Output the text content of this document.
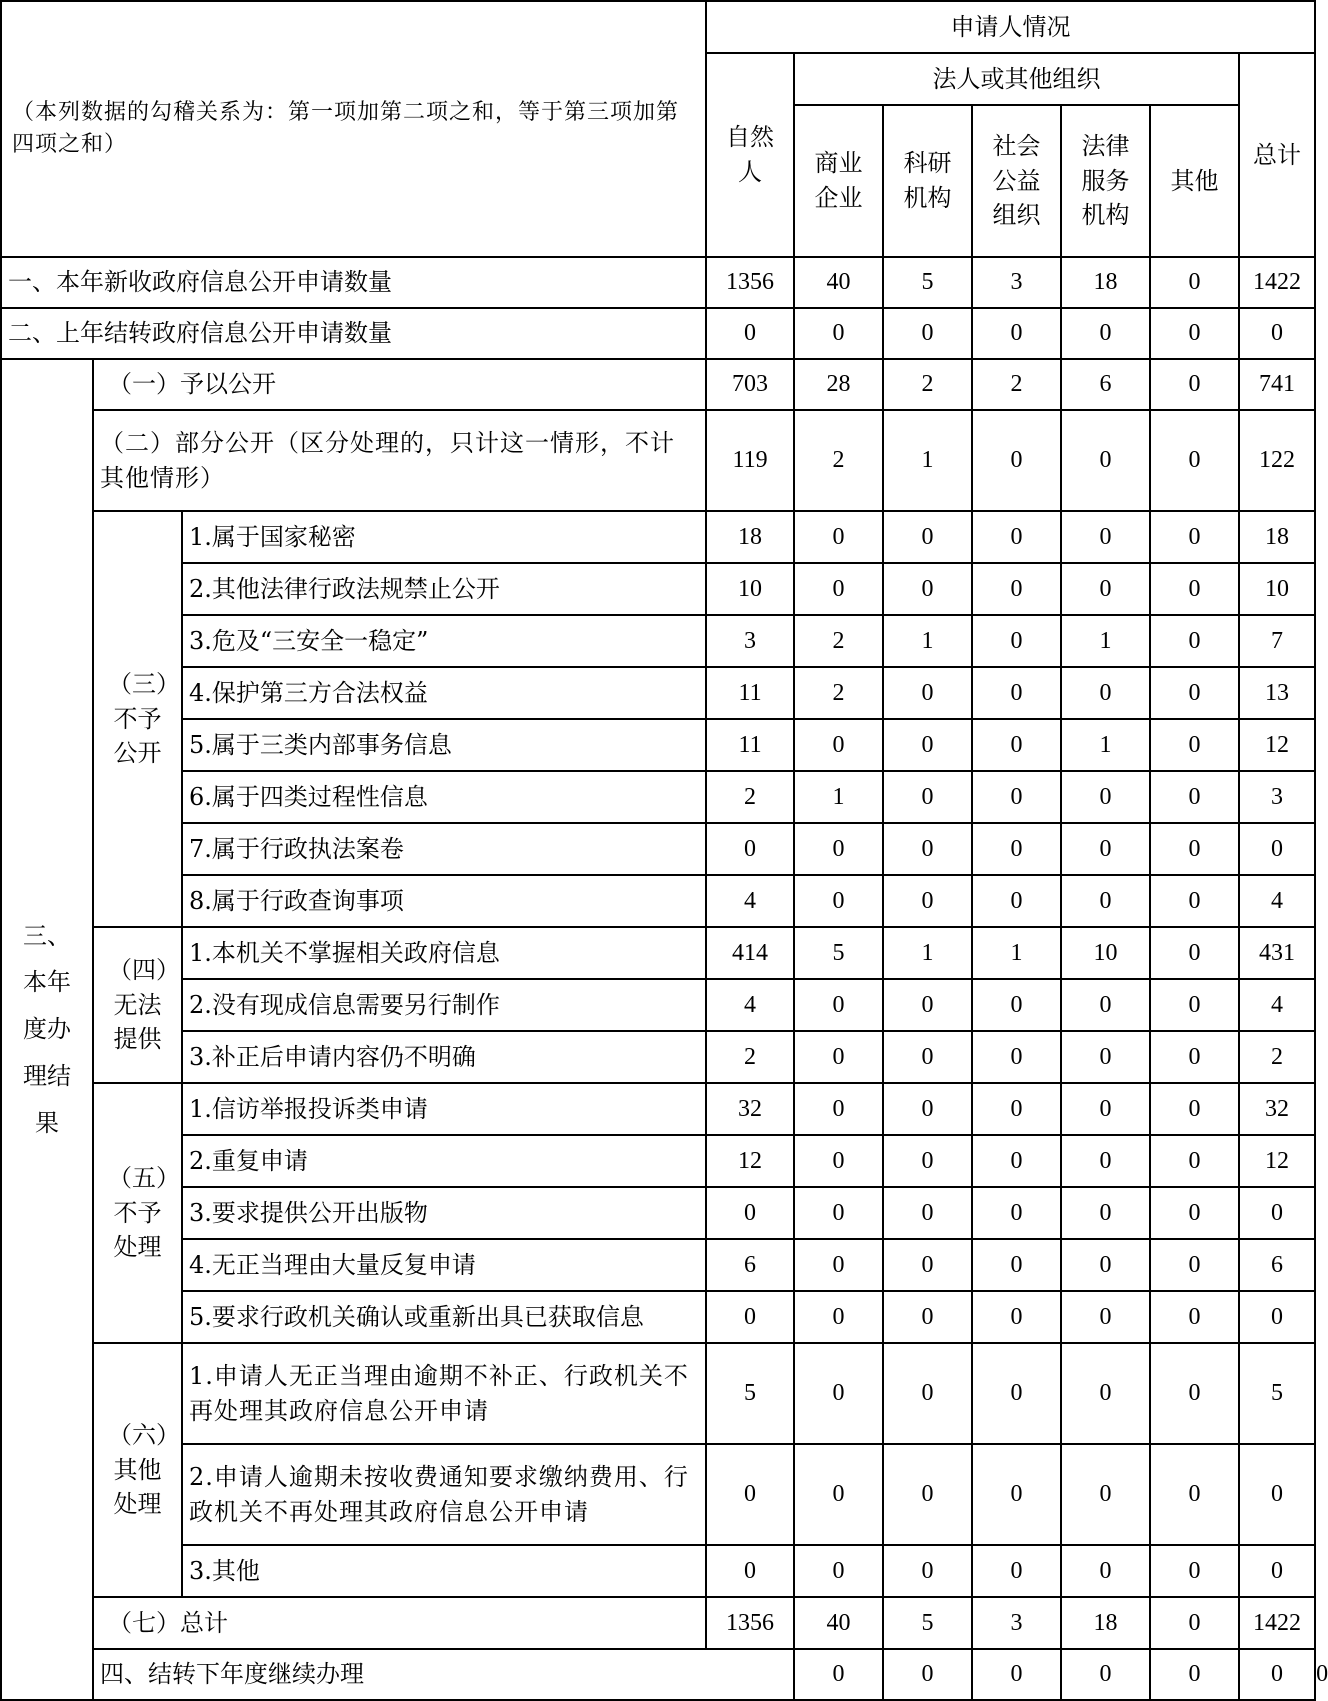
（本列数据的勾稽关系为：第一项加第二项之和，等于第三项加第四项之和）			申请人情况							
			自然人	法人或其他组织					总计	
				商业企业	科研机构	社会公益组织	法律服务机构	其他		
一、本年新收政府信息公开申请数量			1356	40	5	3	18	0	1422	
二、上年结转政府信息公开申请数量			0	0	0	0	0	0	0	
三、本年度办理结果	（一）予以公开		703	28	2	2	6	0	741	
	（二）部分公开（区分处理的，只计这一情形，不计其他情形）		119	2	1	0	0	0	122	
	（三）不予公开	1.属于国家秘密	18	0	0	0	0	0	18	
		2.其他法律行政法规禁止公开	10	0	0	0	0	0	10	
		3.危及“三安全一稳定”	3	2	1	0	1	0	7	
		4.保护第三方合法权益	11	2	0	0	0	0	13	
		5.属于三类内部事务信息	11	0	0	0	1	0	12	
		6.属于四类过程性信息	2	1	0	0	0	0	3	
		7.属于行政执法案卷	0	0	0	0	0	0	0	
		8.属于行政查询事项	4	0	0	0	0	0	4	
	（四）无法提供	1.本机关不掌握相关政府信息	414	5	1	1	10	0	431	
		2.没有现成信息需要另行制作	4	0	0	0	0	0	4	
		3.补正后申请内容仍不明确	2	0	0	0	0	0	2	
	（五）不予处理	1.信访举报投诉类申请	32	0	0	0	0	0	32	
		2.重复申请	12	0	0	0	0	0	12	
		3.要求提供公开出版物	0	0	0	0	0	0	0	
		4.无正当理由大量反复申请	6	0	0	0	0	0	6	
		5.要求行政机关确认或重新出具已获取信息	0	0	0	0	0	0	0	
	（六）其他处理	1.申请人无正当理由逾期不补正、行政机关不再处理其政府信息公开申请	5	0	0	0	0	0	5	
		2.申请人逾期未按收费通知要求缴纳费用、行政机关不再处理其政府信息公开申请	0	0	0	0	0	0	0	
		3.其他	0	0	0	0	0	0	0	
	（七）总计		1356	40	5	3	18	0	1422	
	四、结转下年度继续办理			0	0	0	0	0	0	0
